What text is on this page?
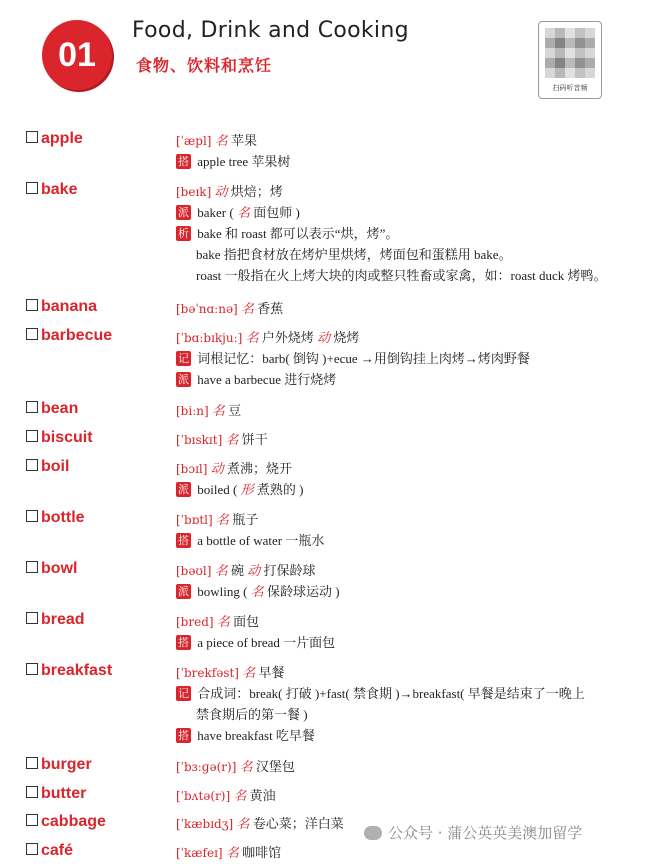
01
Food, Drink and Cooking
食物、饮料和烹饪
扫码听音频
apple	[ˈæpl] 名 苹果
搭 apple tree 苹果树
bake	[beɪk] 动 烘焙；烤
派 baker ( 名 面包师 )
析 bake 和 roast 都可以表示“烘，烤”。
bake 指把食材放在烤炉里烘烤，烤面包和蛋糕用 bake。
roast 一般指在火上烤大块的肉或整只牲畜或家禽，如：roast duck 烤鸭。
banana	[bəˈnɑːnə] 名 香蕉
barbecue	[ˈbɑːbɪkjuː] 名 户外烧烤 动 烧烤
记 词根记忆：barb( 倒钩 )+ecue →用倒钩挂上肉烤→烤肉野餐
派 have a barbecue 进行烧烤
bean	[biːn] 名 豆
biscuit	[ˈbɪskɪt] 名 饼干
boil	[bɔɪl] 动 煮沸；烧开
派 boiled ( 形 煮熟的 )
bottle	[ˈbɒtl] 名 瓶子
搭 a bottle of water 一瓶水
bowl	[bəʊl] 名 碗 动 打保龄球
派 bowling ( 名 保龄球运动 )
bread	[bred] 名 面包
搭 a piece of bread 一片面包
breakfast	[ˈbrekfəst] 名 早餐
记 合成词：break( 打破 )+fast( 禁食期 )→breakfast( 早餐是结束了一晚上
禁食期后的第一餐 )
搭 have breakfast 吃早餐
burger	[ˈbɜːɡə(r)] 名 汉堡包
butter	[ˈbʌtə(r)] 名 黄油
cabbage	[ˈkæbɪdʒ] 名 卷心菜；洋白菜
café	[ˈkæfeɪ] 名 咖啡馆
公众号 · 蒲公英英美澳加留学
